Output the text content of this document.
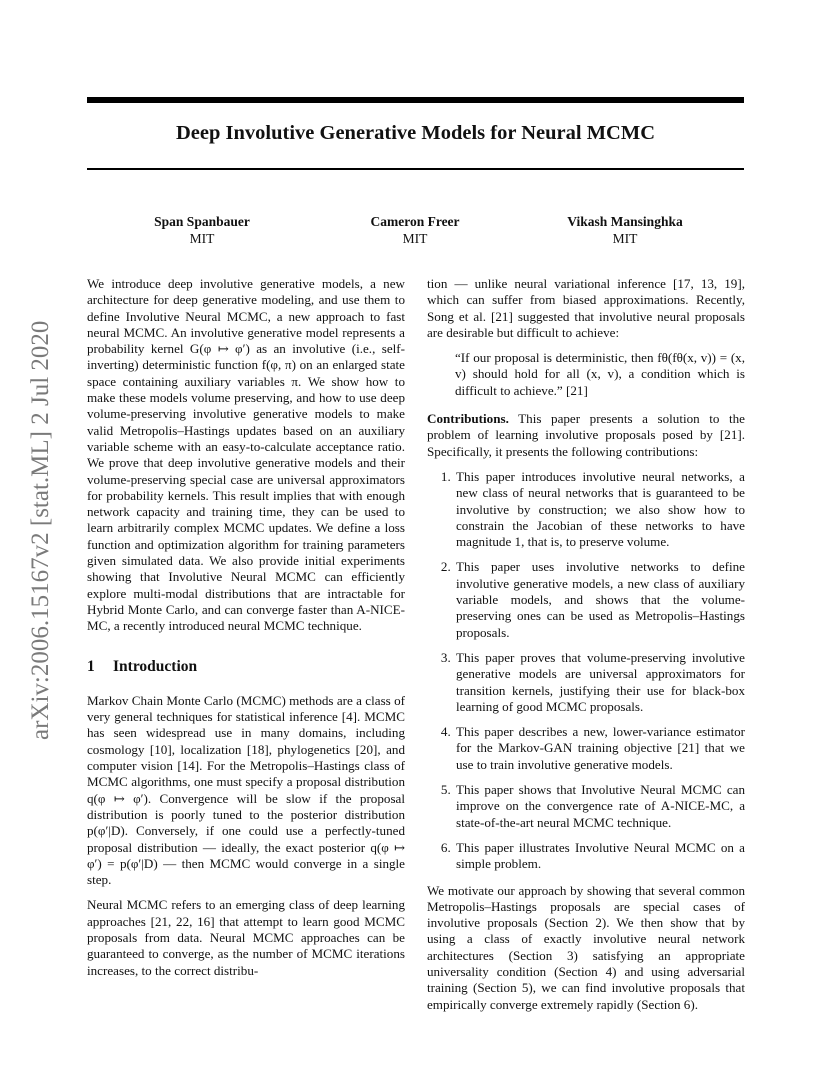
Deep Involutive Generative Models for Neural MCMC
Span Spanbauer
MIT
Cameron Freer
MIT
Vikash Mansinghka
MIT
arXiv:2006.15167v2 [stat.ML] 2 Jul 2020

We introduce deep involutive generative models, a new architecture for deep generative modeling, and use them to define Involutive Neural MCMC, a new approach to fast neural MCMC. An involutive generative model represents a probability kernel G(φ ↦ φ′) as an involutive (i.e., self-inverting) deterministic function f(φ, π) on an enlarged state space containing auxiliary variables π. We show how to make these models volume preserving, and how to use deep volume-preserving involutive generative models to make valid Metropolis–Hastings updates based on an auxiliary variable scheme with an easy-to-calculate acceptance ratio. We prove that deep involutive generative models and their volume-preserving special case are universal approximators for probability kernels. This result implies that with enough network capacity and training time, they can be used to learn arbitrarily complex MCMC updates. We define a loss function and optimization algorithm for training parameters given simulated data. We also provide initial experiments showing that Involutive Neural MCMC can efficiently explore multi-modal distributions that are intractable for Hybrid Monte Carlo, and can converge faster than A-NICE-MC, a recently introduced neural MCMC technique.

1 Introduction

Markov Chain Monte Carlo (MCMC) methods are a class of very general techniques for statistical inference [4]. MCMC has seen widespread use in many domains, including cosmology [10], localization [18], phylogenetics [20], and computer vision [14]. For the Metropolis–Hastings class of MCMC algorithms, one must specify a proposal distribution q(φ ↦ φ′). Convergence will be slow if the proposal distribution is poorly tuned to the posterior distribution p(φ′|D). Conversely, if one could use a perfectly-tuned proposal distribution — ideally, the exact posterior q(φ ↦ φ′) = p(φ′|D) — then MCMC would converge in a single step.

Neural MCMC refers to an emerging class of deep learning approaches [21, 22, 16] that attempt to learn good MCMC proposals from data. Neural MCMC approaches can be guaranteed to converge, as the number of MCMC iterations increases, to the correct distribu-

tion — unlike neural variational inference [17, 13, 19], which can suffer from biased approximations. Recently, Song et al. [21] suggested that involutive neural proposals are desirable but difficult to achieve:

“If our proposal is deterministic, then fθ(fθ(x, v)) = (x, v) should hold for all (x, v), a condition which is difficult to achieve.” [21]

Contributions. This paper presents a solution to the problem of learning involutive proposals posed by [21]. Specifically, it presents the following contributions:

1. This paper introduces involutive neural networks, a new class of neural networks that is guaranteed to be involutive by construction; we also show how to constrain the Jacobian of these networks to have magnitude 1, that is, to preserve volume.
2. This paper uses involutive networks to define involutive generative models, a new class of auxiliary variable models, and shows that the volume-preserving ones can be used as Metropolis–Hastings proposals.
3. This paper proves that volume-preserving involutive generative models are universal approximators for transition kernels, justifying their use for black-box learning of good MCMC proposals.
4. This paper describes a new, lower-variance estimator for the Markov-GAN training objective [21] that we use to train involutive generative models.
5. This paper shows that Involutive Neural MCMC can improve on the convergence rate of A-NICE-MC, a state-of-the-art neural MCMC technique.
6. This paper illustrates Involutive Neural MCMC on a simple problem.

We motivate our approach by showing that several common Metropolis–Hastings proposals are special cases of involutive proposals (Section 2). We then show that by using a class of exactly involutive neural network architectures (Section 3) satisfying an appropriate universality condition (Section 4) and using adversarial training (Section 5), we can find involutive proposals that empirically converge extremely rapidly (Section 6).
